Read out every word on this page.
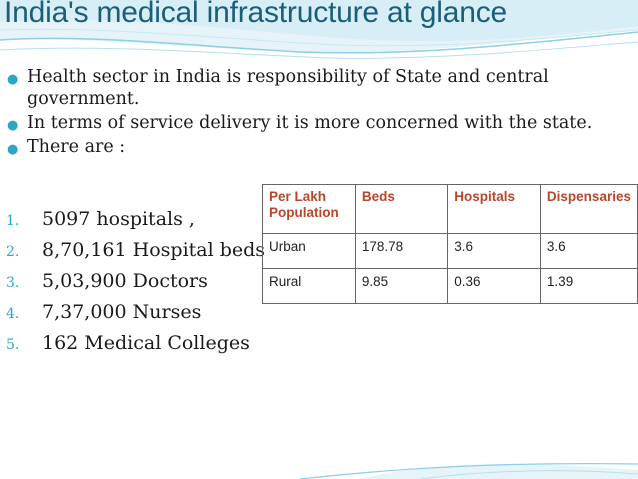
India's medical infrastructure at glance
● Health sector in India is responsibility of State and central government.
● In terms of service delivery it is more concerned with the state.
● There are :
1. 5097 hospitals ,
2. 8,70,161 Hospital beds
3. 5,03,900 Doctors
4. 7,37,000 Nurses
5. 162 Medical Colleges
Per Lakh Population	Beds	Hospitals	Dispensaries
Urban	178.78	3.6	3.6
Rural	9.85	0.36	1.39
